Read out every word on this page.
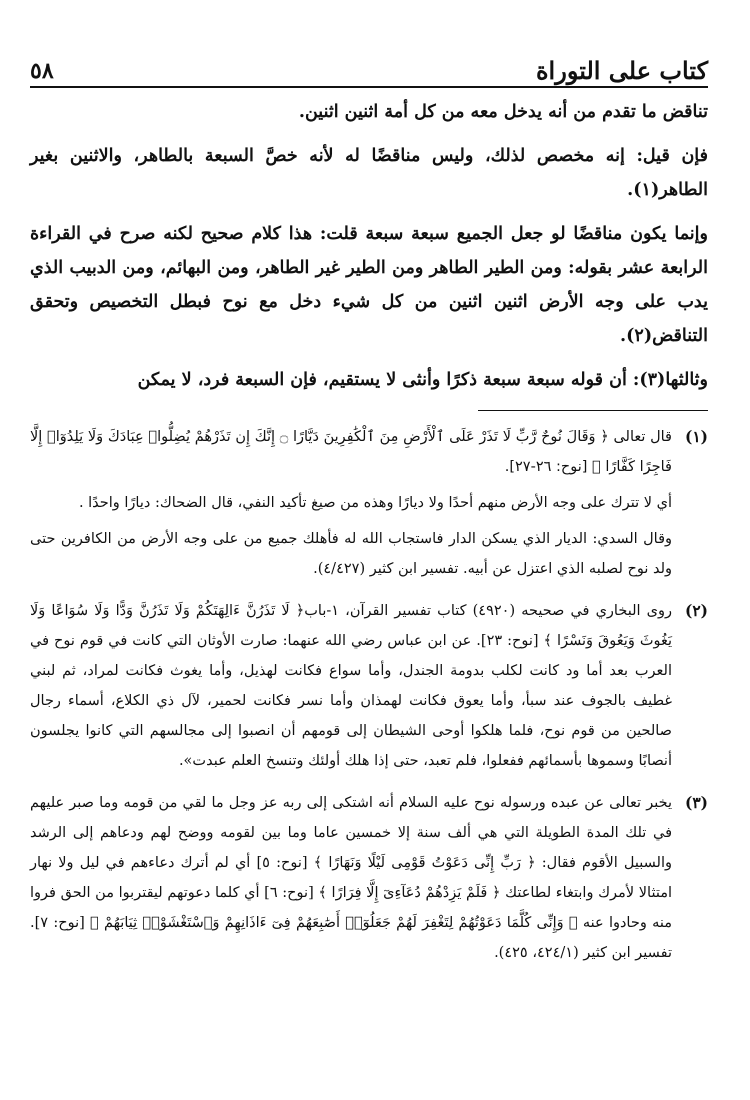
كتاب على التوراة
٥٨

تناقض ما تقدم من أنه يدخل معه من كل أمة اثنين اثنين.

فإن قيل: إنه مخصص لذلك، وليس مناقضًا له لأنه خصَّ السبعة بالطاهر، والاثنين بغير الطاهر(١).

وإنما يكون مناقضًا لو جعل الجميع سبعة سبعة قلت: هذا كلام صحيح لكنه صرح في القراءة الرابعة عشر بقوله: ومن الطير الطاهر ومن الطير غير الطاهر، ومن البهائم، ومن الدبيب الذي يدب على وجه الأرض اثنين اثنين من كل شيء دخل مع نوح فبطل التخصيص وتحقق التناقض(٢).

وثالثها(٣): أن قوله سبعة سبعة ذكرًا وأنثى لا يستقيم، فإن السبعة فرد، لا يمكن

(١)

قال تعالى ﴿ وَقَالَ نُوحٌ رَّبِّ لَا تَذَرْ عَلَى ٱلْأَرْضِ مِنَ ٱلْكَٰفِرِينَ دَيَّارًا ۝ إِنَّكَ إِن تَذَرْهُمْ يُضِلُّوا۟ عِبَادَكَ وَلَا يَلِدُوٓا۟ إِلَّا فَاجِرًا كَفَّارًا ﴾ [نوح: ٢٦-٢٧].

أي لا تترك على وجه الأرض منهم أحدًا ولا ديارًا وهذه من صيغ تأكيد النفي، قال الضحاك: ديارًا واحدًا .

وقال السدي: الديار الذي يسكن الدار فاستجاب الله له فأهلك جميع من على وجه الأرض من الكافرين حتى ولد نوح لصلبه الذي اعتزل عن أبيه. تفسير ابن كثير (٤/٤٢٧).

(٢)

روى البخاري في صحيحه (٤٩٢٠) كتاب تفسير القرآن، ١-باب﴿ لَا تَذَرُنَّ ءَالِهَتَكُمْ وَلَا تَذَرُنَّ وَدًّا وَلَا سُوَاعًا وَلَا يَغُوثَ وَيَعُوقَ وَنَسْرًا ﴾ [نوح: ٢٣]. عن ابن عباس رضي الله عنهما: صارت الأوثان التي كانت في قوم نوح في العرب بعد أما ود كانت لكلب بدومة الجندل، وأما سواع فكانت لهذيل، وأما يغوث فكانت لمراد، ثم لبني غطيف بالجوف عند سبأ، وأما يعوق فكانت لهمذان وأما نسر فكانت لحمير، لآل ذي الكلاع، أسماء رجال صالحين من قوم نوح، فلما هلكوا أوحى الشيطان إلى قومهم أن انصبوا إلى مجالسهم التي كانوا يجلسون أنصابًا وسموها بأسمائهم ففعلوا، فلم تعبد، حتى إذا هلك أولئك وتنسخ العلم عبدت».

(٣)

يخبر تعالى عن عبده ورسوله نوح عليه السلام أنه اشتكى إلى ربه عز وجل ما لقي من قومه وما صبر عليهم في تلك المدة الطويلة التي هي ألف سنة إلا خمسين عاما وما بين لقومه ووضح لهم ودعاهم إلى الرشد والسبيل الأقوم فقال: ﴿ رَبِّ إِنِّى دَعَوْتُ قَوْمِى لَيْلًا وَنَهَارًا ﴾ [نوح: ٥] أي لم أترك دعاءهم في ليل ولا نهار امتثالا لأمرك وابتغاء لطاعتك ﴿ فَلَمْ يَزِدْهُمْ دُعَآءِىٓ إِلَّا فِرَارًا ﴾ [نوح: ٦] أي كلما دعوتهم ليقتربوا من الحق فروا منه وحادوا عنه ﴿ وَإِنِّى كُلَّمَا دَعَوْتُهُمْ لِتَغْفِرَ لَهُمْ جَعَلُوٓا۟ أَصَٰبِعَهُمْ فِىٓ ءَاذَانِهِمْ وَٱسْتَغْشَوْا۟ ثِيَابَهُمْ ﴾ [نوح: ٧]. تفسير ابن كثير (٤٢٤/١، ٤٢٥).
